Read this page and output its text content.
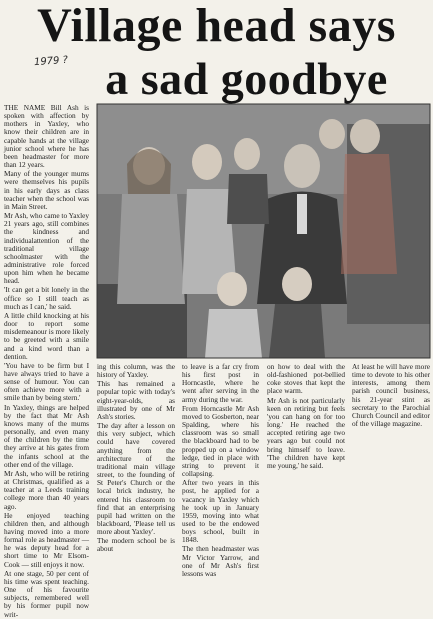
Village head says
1979 ? a sad goodbye

THE NAME Bill Ash is spoken with affection by mothers in Yaxley, who know their children are in capable hands at the village junior school where he has been headmaster for more than 12 years.

Many of the younger mums were themselves his pupils in his early days as class teacher when the school was in Main Street.

Mr Ash, who came to Yaxley 21 years ago, still combines the kindness and individualattention of the traditional village schoolmaster with the administrative role forced upon him when he became head.

'It can get a bit lonely in the office so I still teach as much as I can,' he said.

A little child knocking at his door to report some misdemeanour is more likely to be greeted with a smile and a kind word than a dention.

'You have to be firm but I have always tried to have a sense of humour. You can often achieve more with a smile than by being stern.'

In Yaxley, things are helped by the fact that Mr Ash knows many of the mums personally, and even many of the children by the time they arrive at his gates from the infants school at the other end of the village.

Mr Ash, who will be retiring at Christmas, qualified as a teacher at a Leeds training college more than 40 years ago.

He enjoyed teaching children then, and although having moved into a more formal role as headmaster — he was deputy head for a short time to Mr Elsom-Cook — still enjoys it now.

At one stage, 50 per cent of his time was spent teaching. One of his favourite subjects, remembered well by his former pupil now writ-

ing this column, was the history of Yaxley.

This has remained a popular topic with today's eight-year-olds, as illustrated by one of Mr Ash's stories.

The day after a lesson on this very subject, which could have covered anything from the architecture of the traditional main village street, to the founding of St Peter's Church or the local brick industry, he entered his classroom to find that an enterprising pupil had written on the blackboard, 'Please tell us more about Yaxley'.

The modern school be is about

to leave is a far cry from his first post in Horncastle, where he went after serving in the army during the war.

From Horncastle Mr Ash moved to Gosberton, near Spalding, where his classroom was so small the blackboard had to be propped up on a window ledge, tied in place with string to prevent it collapsing.

After two years in this post, he applied for a vacancy in Yaxley which he took up in January 1959, moving into what used to be the endowed boys school, built in 1848.

The then headmaster was Mr Victor Yarrow, and one of Mr Ash's first lessons was

on how to deal with the old-fashioned pot-bellied coke stoves that kept the place warm.

Mr Ash is not particularly keen on retiring but feels 'you can hang on for too long.' He reached the accepted retiring age two years ago but could not bring himself to leave. 'The children have kept me young,' he said.

At least he will have more time to devote to his other interests, among them parish council business, his 21-year stint as secretary to the Parochial Church Council and editor of the village magazine.
